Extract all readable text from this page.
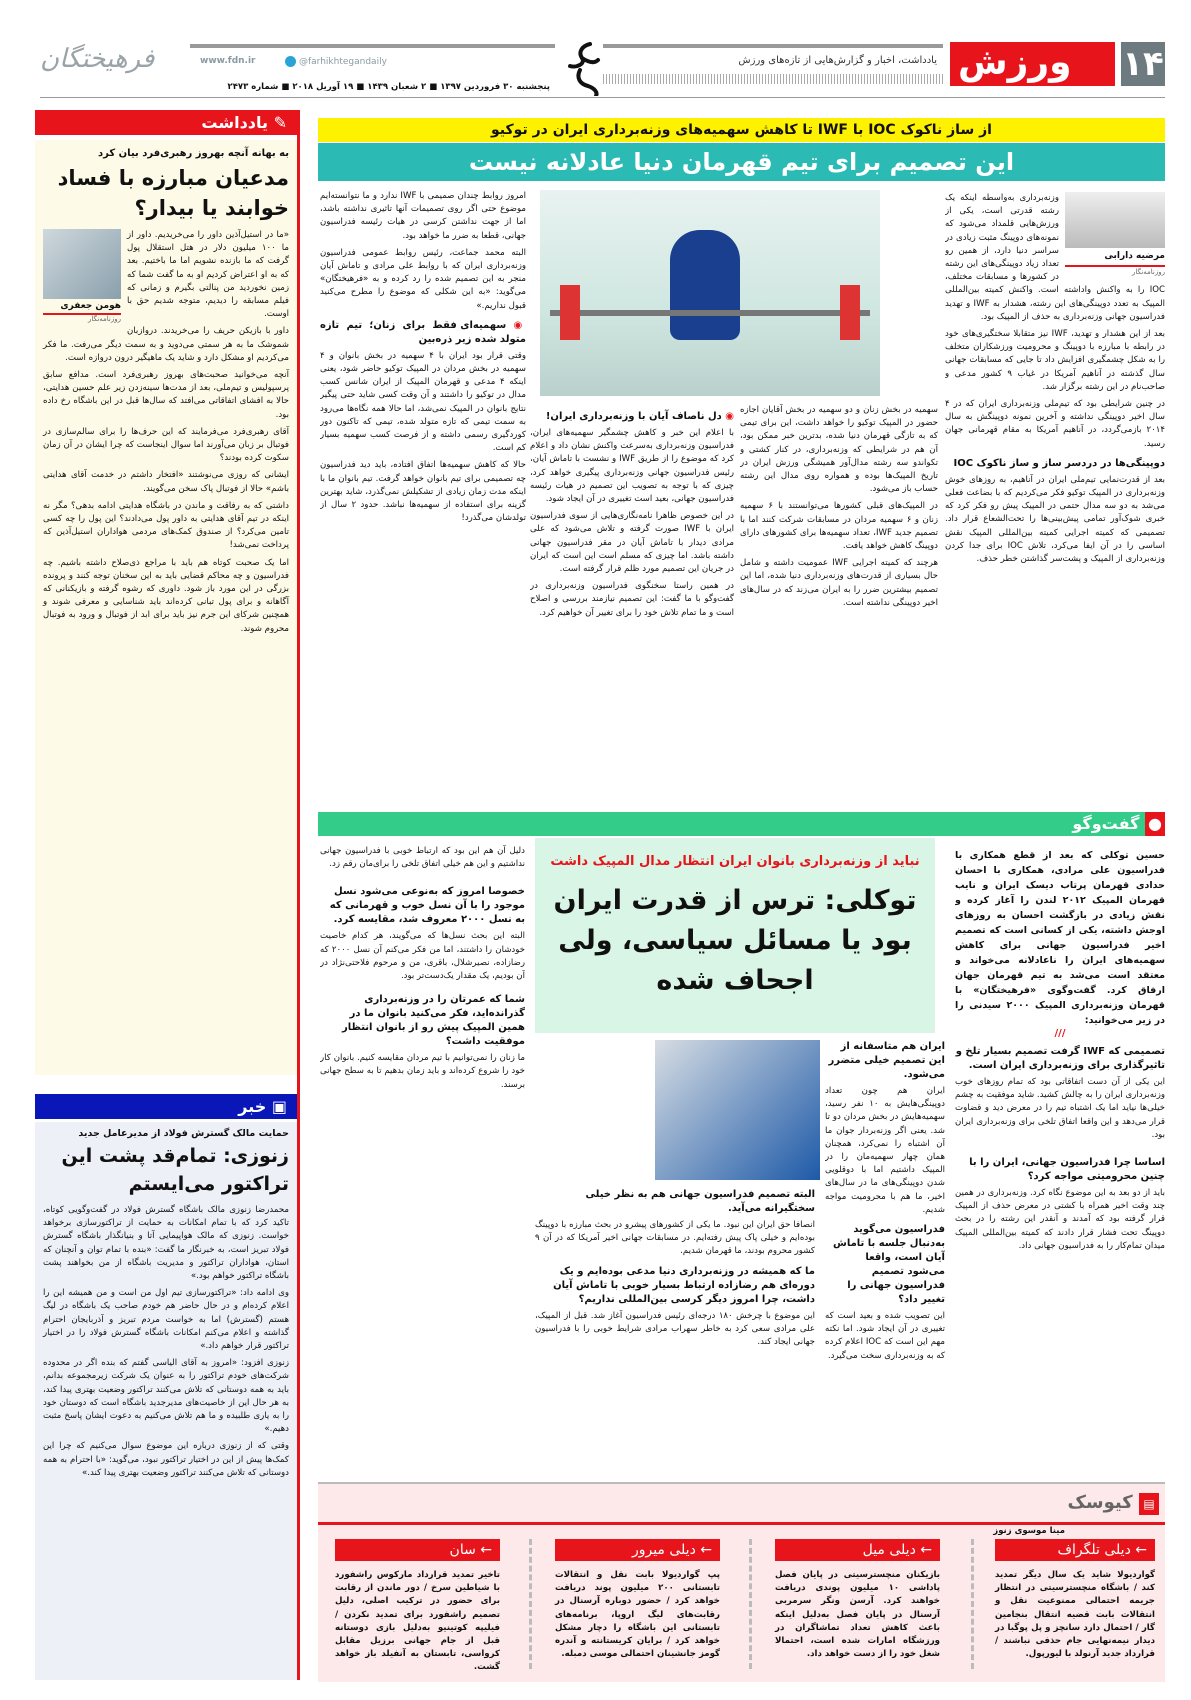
۱۴
ورزش
یادداشت، اخبار و گزارش‌هایی از تازه‌های ورزش
پنجشنبه ۳۰ فروردین ۱۳۹۷ ■ ۲ شعبان ۱۴۳۹ ■ ۱۹ آوریل ۲۰۱۸ ■ شماره ۲۴۷۳
@farhikhtegandaily
www.fdn.ir
فرهیختگان
✎ یادداشت
به بهانه آنچه بهروز رهبری‌فرد بیان کرد
مدعیان مبارزه با فساد خوابند یا بیدار؟
هومن جعفری
روزنامه‌نگار

«ما در استیل‌آذین داور را می‌خریدیم. داور از ما ۱۰۰ میلیون دلار در هتل استقلال پول گرفت که ما بازنده نشویم اما ما باختیم. بعد که به او اعتراض کردیم او به ما گفت شما که زمین نخوردید من پنالتی بگیرم و زمانی که فیلم مسابقه را دیدیم، متوجه شدیم حق با اوست.

داور با بازیکن حریف را می‌خریدند. درواز‌بان شموشک ما به هر سمتی می‌دوید و به سمت دیگر می‌رفت. ما فکر می‌کردیم او مشکل دارد و شاید یک ماهیگیر درون دروازه است.

آنچه می‌خوانید صحبت‌های بهروز رهبری‌فرد است. مدافع سابق پرسپولیس و تیم‌ملی، بعد از مدت‌ها سینه‌زدن زیر علم حسین هدایتی، حالا به افشای اتفاقاتی می‌افتد که سال‌ها قبل در این باشگاه رخ داده بود.

آقای رهبری‌فرد می‌فرمایند که این حرف‌ها را برای سالم‌سازی در فوتبال بر زبان می‌آورند اما سوال اینجاست که چرا ایشان در آن زمان سکوت کرده بودند؟

ایشانی که روزی می‌نوشتند «افتخار داشتم در خدمت آقای هدایتی باشم» حالا از فوتبال پاک سخن می‌گویند.

داشتی که به رفاقت و ماندن در باشگاه هدایتی ادامه بدهی؟ مگر نه اینکه در تیم آقای هدایتی به داور پول می‌دادند؟ این پول را چه کسی تامین می‌کرد؟ از صندوق کمک‌های مردمی هواداران استیل‌آذین که پرداخت نمی‌شد!

اما یک صحبت کوتاه هم باید با مراجع ذی‌صلاح داشته باشیم. چه فدراسیون و چه محاکم قضایی باید به این سخنان توجه کنند و پرونده بزرگی در این مورد باز شود. داوری که رشوه گرفته و بازیکنانی که آگاهانه و برای پول تبانی کرده‌اند باید شناسایی و معرفی شوند و همچنین شرکای این جرم نیز باید برای ابد از فوتبال و ورود به فوتبال محروم شوند.

▣ خبر
حمایت مالک گسترش فولاد از مدیرعامل جدید
زنوزی: تمام‌قد پشت این تراکتور می‌ایستم

محمدرضا زنوزی مالک باشگاه گسترش فولاد در گفت‌وگویی کوتاه، تاکید کرد که با تمام امکانات به حمایت از تراکتورسازی برخواهد خواست. زنوزی که مالک هواپیمایی آتا و بنیانگذار باشگاه گسترش فولاد تبریز است، به خبرنگار ما گفت: «بنده با تمام توان و آنچنان که استان، هواداران تراکتور و مدیریت باشگاه از من بخواهند پشت باشگاه تراکتور خواهم بود.»

وی ادامه داد: «تراکتورسازی تیم اول من است و من همیشه این را اعلام کرده‌ام و در حال حاضر هم خودم صاحب یک باشگاه در لیگ هستم (گسترش) اما به خواست مردم تبریز و آذربایجان احترام گذاشته و اعلام می‌کنم امکانات باشگاه گسترش فولاد را در اختیار تراکتور قرار خواهم داد.»

زنوزی افزود: «امروز به آقای الیاسی گفتم که بنده اگر در محدوده شرکت‌های خودم تراکتور را به عنوان یک شرکت زیرمجموعه بدانم، باید به همه دوستانی که تلاش می‌کنند تراکتور وضعیت بهتری پیدا کند، به هر حال این از خاصیت‌های مدیرجدید باشگاه است که دوستان خود را به یاری طلبیده و ما هم تلاش می‌کنیم به دعوت ایشان پاسخ مثبت دهیم.»

وقتی که از زنوزی درباره این موضوع سوال می‌کنیم که چرا این کمک‌ها پیش از این در اختیار تراکتور نبود، می‌گوید: «با احترام به همه دوستانی که تلاش می‌کنند تراکتور وضعیت بهتری پیدا کند.»

از ساز ناکوک IOC با IWF تا کاهش سهمیه‌های وزنه‌برداری ایران در توکیو
این تصمیم برای تیم قهرمان دنیا عادلانه نیست
مرضیه دارابی
روزنامه‌نگار

وزنه‌برداری به‌واسطه اینکه یک رشته قدرتی است، یکی از ورزش‌هایی قلمداد می‌شود که نمونه‌های دوپینگ مثبت زیادی در سراسر دنیا دارد، از همین رو تعداد زیاد دوپینگی‌های این رشته در کشورها و مسابقات مختلف، IOC را به واکنش واداشته است. واکنش کمیته بین‌المللی المپیک به تعدد دوپینگی‌های این رشته، هشدار به IWF و تهدید فدراسیون جهانی وزنه‌برداری به حذف از المپیک بود.

بعد از این هشدار و تهدید، IWF نیز متقابلا سختگیری‌های خود در رابطه با مبارزه با دوپینگ و محرومیت ورزشکاران متخلف را به شکل چشمگیری افزایش داد تا جایی که مسابقات جهانی سال گذشته در آناهیم آمریکا در غیاب ۹ کشور مدعی و صاحب‌نام در این رشته برگزار شد.

در چنین شرایطی بود که تیم‌ملی وزنه‌برداری ایران که در ۴ سال اخیر دوپینگی نداشته و آخرین نمونه دوپینگش به سال ۲۰۱۴ بازمی‌گردد، در آناهیم آمریکا به مقام قهرمانی جهان رسید.

دوپینگی‌ها در دردسر ساز و ساز ناکوک IOC

بعد از قدرت‌نمایی تیم‌ملی ایران در آناهیم، به روزهای خوش وزنه‌برداری در المپیک توکیو فکر می‌کردیم که با بضاعت فعلی می‌شد به دو سه مدال حتمی در المپیک پیش رو فکر کرد که خبری شوک‌آور تمامی پیش‌بینی‌ها را تحت‌الشعاع قرار داد. تصمیمی که کمیته اجرایی کمیته بین‌المللی المپیک نقش اساسی را در آن ایفا می‌کرد، تلاش IOC برای جدا کردن وزنه‌برداری از المپیک و پشت‌سر گذاشتن خطر حذف.

سهمیه در بخش زنان و دو سهمیه در بخش آقایان اجازه حضور در المپیک توکیو را خواهد داشت، این برای تیمی که به تازگی قهرمان دنیا شده، بدترین خبر ممکن بود، آن هم در شرایطی که وزنه‌برداری، در کنار کشتی و تکواندو سه رشته مدال‌آور همیشگی ورزش ایران در تاریخ المپیک‌ها بوده و همواره روی مدال این رشته حساب باز می‌شود.

در المپیک‌های قبلی کشورها می‌توانستند با ۶ سهمیه زنان و ۶ سهمیه مردان در مسابقات شرکت کنند اما با تصمیم جدید IWF، تعداد سهمیه‌ها برای کشورهای دارای دوپینگ کاهش خواهد یافت.

هرچند که کمیته اجرایی IWF عمومیت داشته و شامل حال بسیاری از قدرت‌های وزنه‌برداری دنیا شده، اما این تصمیم بیشترین ضرر را به ایران می‌زند که در سال‌های اخیر دوپینگی نداشته است.

◉ دل ناصاف آیان با وزنه‌برداری ایران!

با اعلام این خبر و کاهش چشمگیر سهمیه‌های ایران، فدراسیون وزنه‌برداری به‌سرعت واکنش نشان داد و اعلام کرد که موضوع را از طریق IWF و نشست با تاماش آیان، رئیس فدراسیون جهانی وزنه‌برداری پیگیری خواهد کرد، چیزی که با توجه به تصویب این تصمیم در هیات رئیسه فدراسیون جهانی، بعید است تغییری در آن ایجاد شود.

در این خصوص ظاهرا نامه‌نگاری‌هایی از سوی فدراسیون ایران با IWF صورت گرفته و تلاش می‌شود که علی مرادی دیدار با تاماش آیان در مقر فدراسیون جهانی داشته باشد. اما چیزی که مسلم است این است که ایران در جریان این تصمیم مورد ظلم قرار گرفته است.

در همین راستا سخنگوی فدراسیون وزنه‌برداری در گفت‌وگو با ما گفت: این تصمیم نیازمند بررسی و اصلاح است و ما تمام تلاش خود را برای تغییر آن خواهیم کرد.

امروز روابط چندان صمیمی با IWF ندارد و ما نتوانسته‌ایم موضوع حتی اگر روی تصمیمات آنها تاثیری نداشته باشد، اما از جهت نداشتن کرسی در هیات رئیسه فدراسیون جهانی، قطعا به ضرر ما خواهد بود.

البته محمد جماعت، رئیس روابط عمومی فدراسیون وزنه‌برداری ایران که با روابط علی مرادی و تاماش آیان منجر به این تصمیم شده را رد کرده و به «فرهیختگان» می‌گوید: «به این شکلی که موضوع را مطرح می‌کنید قبول نداریم.»

◉ سهمیه‌ای فقط برای زنان؛ تیم تازه متولد شده زیر ذره‌بین

وقتی قرار بود ایران با ۴ سهمیه در بخش بانوان و ۴ سهمیه در بخش مردان در المپیک توکیو حاضر شود، یعنی اینکه ۴ مدعی و قهرمان المپیک از ایران شانس کسب مدال در توکیو را داشتند و آن وقت کسی شاید حتی پیگیر نتایج بانوان در المپیک نمی‌شد، اما حالا همه نگاه‌ها می‌رود به سمت تیمی که تازه متولد شده، تیمی که تاکنون دور کوردگیری رسمی داشته و از فرصت کسب سهمیه بسیار کم است.

حالا که کاهش سهمیه‌ها اتفاق افتاده، باید دید فدراسیون چه تصمیمی برای تیم بانوان خواهد گرفت. تیم بانوان ما با اینکه مدت زمان زیادی از تشکیلش نمی‌گذرد، شاید بهترین گزینه برای استفاده از سهمیه‌ها نباشد. حدود ۲ سال از تولدشان می‌گذرد!

● گفت‌وگو
نباید از وزنه‌برداری بانوان ایران انتظار مدال المپیک داشت
توکلی: ترس از قدرت ایران بود یا مسائل سیاسی، ولی اجحاف شده
حسین توکلی که بعد از قطع همکاری با فدراسیون علی مرادی، همکاری با احسان حدادی قهرمان پرتاب دیسک ایران و نایب قهرمان المپیک ۲۰۱۲ لندن را آغاز کرده و نقش زیادی در بازگشت احسان به روزهای اوجش داشته، یکی از کسانی است که تصمیم اخیر فدراسیون جهانی برای کاهش سهمیه‌های ایران را ناعادلانه می‌خواند و معتقد است می‌شد به تیم قهرمان جهان ارفاق کرد. گفت‌وگوی «فرهیختگان» با قهرمان وزنه‌برداری المپیک ۲۰۰۰ سیدنی را در زیر می‌خوانید:
///
تصمیمی که IWF گرفت تصمیم بسیار تلخ و تاثیرگذاری برای وزنه‌برداری ایران است.
این یکی از آن دست اتفاقاتی بود که تمام روزهای خوب وزنه‌برداری ایران را به چالش کشید. شاید موفقیت به چشم خیلی‌ها نیاید اما یک اشتباه تیم را در معرض دید و قضاوت قرار می‌دهد و این واقعا اتفاق تلخی برای وزنه‌برداری ایران بود.
اساسا چرا فدراسیون جهانی، ایران را با چنین محرومیتی مواجه کرد؟
باید از دو بعد به این موضوع نگاه کرد. وزنه‌برداری در همین چند وقت اخیر همراه با کشتی در معرض حذف از المپیک قرار گرفته بود که آمدند و آنقدر این رشته را در بحث دوپینگ تحت فشار قرار دادند که کمیته بین‌المللی المپیک میدان تمام‌کار را به فدراسیون جهانی داد.
ایران هم متاسفانه از این تصمیم خیلی متضرر می‌شود.
ایران هم چون تعداد دوپینگی‌هایش به ۱۰ نفر رسید، سهمیه‌هایش در بخش مردان دو تا شد. یعنی اگر وزنه‌بردار جوان ما آن اشتباه را نمی‌کرد، همچنان همان چهار سهمیه‌مان را در المپیک داشتیم اما با دوقلویی شدن دوپینگی‌های ما در سال‌های اخیر، ما هم با محرومیت مواجه شدیم.
فدراسیون می‌گوید به‌دنبال جلسه با تاماش آیان است، واقعا می‌شود تصمیم فدراسیون جهانی را تغییر داد؟
این تصویب شده و بعید است که تغییری در آن ایجاد شود. اما نکته مهم این است که IOC اعلام کرده که به وزنه‌برداری سخت می‌گیرد.
البته تصمیم فدراسیون جهانی هم به نظر خیلی سختگیرانه می‌آید.
انصافا حق ایران این نبود. ما یکی از کشورهای پیشرو در بحث مبارزه با دوپینگ بوده‌ایم و خیلی پاک پیش رفته‌ایم. در مسابقات جهانی اخیر آمریکا که در آن ۹ کشور محروم بودند، ما قهرمان شدیم.
ما که همیشه در وزنه‌برداری دنیا مدعی بوده‌ایم و یک دوره‌ای هم رضازاده ارتباط بسیار خوبی با تاماش آیان داشت، چرا امروز دیگر کرسی بین‌المللی نداریم؟
این موضوع با چرخش ۱۸۰ درجه‌ای رئیس فدراسیون آغاز شد. قبل از المپیک، علی مرادی سعی کرد به خاطر سهراب مرادی شرایط خوبی را با فدراسیون جهانی ایجاد کند.
دلیل آن هم این بود که ارتباط خوبی با فدراسیون جهانی نداشتیم و این هم خیلی اتفاق تلخی را برای‌مان رقم زد.
خصوصا امروز که به‌نوعی می‌شود نسل موجود را با آن نسل خوب و قهرمانی که به نسل ۲۰۰۰ معروف شد، مقایسه کرد.
البته این بحث نسل‌ها که می‌گویند، هر کدام خاصیت خودشان را داشتند، اما من فکر می‌کنم آن نسل ۲۰۰۰ که رضازاده، نصیرشلال، باقری، من و مرحوم فلاحتی‌نژاد در آن بودیم، یک مقدار یک‌دست‌تر بود.
شما که عمرتان را در وزنه‌برداری گذرانده‌اید، فکر می‌کنید بانوان ما در همین المپیک پیش رو از بانوان انتظار موفقیت داشت؟
ما زنان را نمی‌توانیم با تیم مردان مقایسه کنیم. بانوان کار خود را شروع کرده‌اند و باید زمان بدهیم تا به سطح جهانی برسند.
▤ کیوسک
مینا موسوی زنوز
← دیلی تلگراف
گواردیولا شاید یک سال دیگر تمدید کند / باشگاه منچسترسیتی در انتظار جریمه احتمالی ممنوعیت نقل و انتقالات بابت قضیه انتقال بنجامین گار / احتمال دارد سانچز و پل پوگبا در دیدار نیمه‌نهایی جام حذفی نباشند / قرارداد جدید آرنولد با لیورپول.
← دیلی میل
بازیکنان منچسترسیتی در پایان فصل پاداشی ۱۰ میلیون پوندی دریافت خواهند کرد. آرسن ونگر سرمربی آرسنال در پایان فصل به‌دلیل اینکه باعث کاهش تعداد تماشاگران در ورزشگاه امارات شده است، احتمالا شغل خود را از دست خواهد داد.
← دیلی میرور
پپ گواردیولا بابت نقل و انتقالات تابستانی ۲۰۰ میلیون پوند دریافت خواهد کرد / حضور دوباره آرسنال در رقابت‌های لیگ اروپا، برنامه‌های تابستانی این باشگاه را دچار مشکل خواهد کرد / برایان کریستانته و آندره گومز جانشینان احتمالی موسی دمبله.
← سان
تاخیر تمدید قرارداد مارکوس راشفورد با شیاطین سرخ / دور ماندن از رقابت برای حضور در ترکیب اصلی، دلیل تصمیم راشفورد برای تمدید نکردن / فیلیپه کوتینیو به‌دلیل بازی دوستانه قبل از جام جهانی برزیل مقابل کرواسی، تابستان به آنفیلد باز خواهد گشت.
